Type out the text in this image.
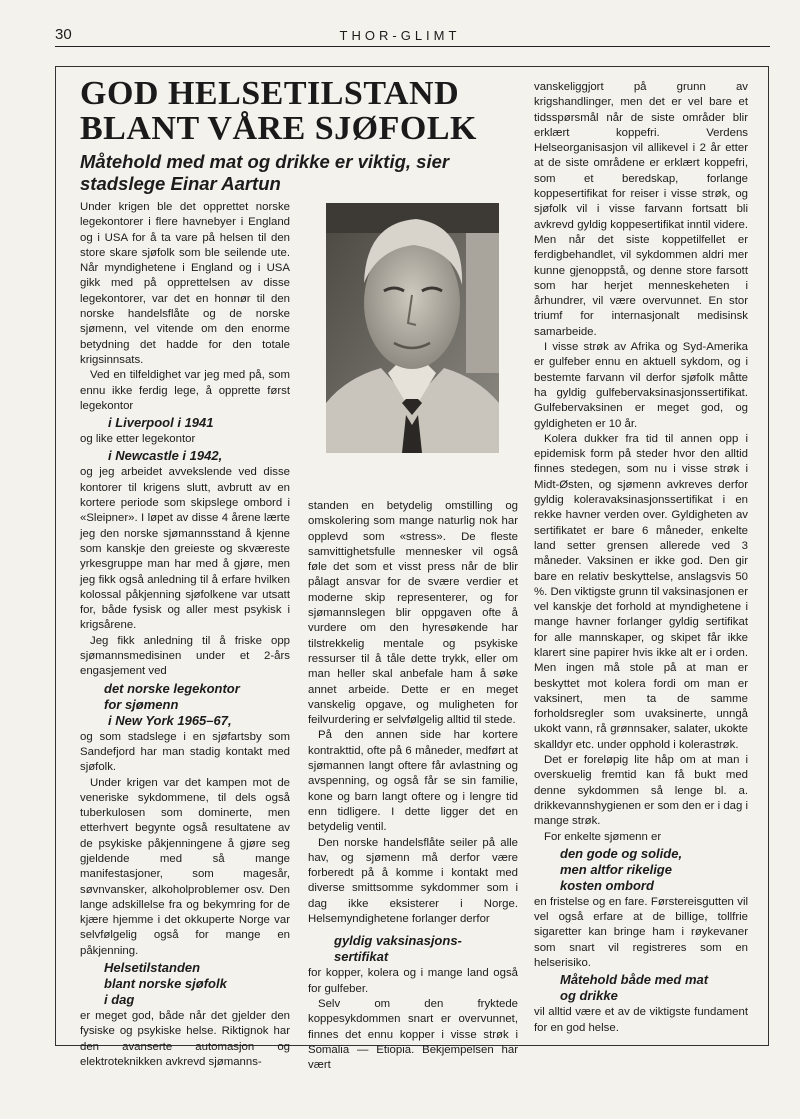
30	THOR-GLIMT
GOD HELSETILSTAND BLANT VÅRE SJØFOLK
Måtehold med mat og drikke er viktig, sier stadslege Einar Aartun

Under krigen ble det opprettet norske legekontorer i flere havnebyer i England og i USA for å ta vare på helsen til den store skare sjøfolk som ble seilende ute. Når myndighetene i England og i USA gikk med på opprettelsen av disse legekontorer, var det en honnør til den norske handelsflåte og de norske sjømenn, vel vitende om den enorme betydning det hadde for den totale krigsinnsats.

Ved en tilfeldighet var jeg med på, som ennu ikke ferdig lege, å opprette først legekontor

i Liverpool i 1941

og like etter legekontor

i Newcastle i 1942,

og jeg arbeidet avvekslende ved disse kontorer til krigens slutt, avbrutt av en kortere periode som skipslege ombord i «Sleipner». I løpet av disse 4 årene lærte jeg den norske sjømannsstand å kjenne som kanskje den greieste og skværeste yrkesgruppe man har med å gjøre, men jeg fikk også anledning til å erfare hvilken kolossal påkjenning sjøfolkene var utsatt for, både fysisk og aller mest psykisk i krigsårene.

Jeg fikk anledning til å friske opp sjømannsmedisinen under et 2-års engasjement ved

det norske legekontor
for sjømenn
i New York 1965–67,

og som stadslege i en sjøfartsby som Sandefjord har man stadig kontakt med sjøfolk.

Under krigen var det kampen mot de veneriske sykdommene, til dels også tuberkulosen som dominerte, men etterhvert begynte også resultatene av de psykiske påkjenningene å gjøre seg gjeldende med så mange manifestasjoner, som magesår, søvnvansker, alkoholproblemer osv. Den lange adskillelse fra og bekymring for de kjære hjemme i det okkuperte Norge var selvfølgelig også for mange en påkjenning.

Helsetilstanden
blant norske sjøfolk
i dag

er meget god, både når det gjelder den fysiske og psykiske helse. Riktignok har den avanserte automasjon og elektroteknikken avkrevd sjømanns-

standen en betydelig omstilling og omskolering som mange naturlig nok har opplevd som «stress». De fleste samvittighetsfulle mennesker vil også føle det som et visst press når de blir pålagt ansvar for de svære verdier et moderne skip representerer, og for sjømannslegen blir oppgaven ofte å vurdere om den hyresøkende har tilstrekkelig mentale og psykiske ressurser til å tåle dette trykk, eller om man heller skal anbefale ham å søke annet arbeide. Dette er en meget vanskelig opgave, og muligheten for feilvurdering er selvfølgelig alltid til stede.

På den annen side har kortere kontrakttid, ofte på 6 måneder, medført at sjømannen langt oftere får avlastning og avspenning, og også får se sin familie, kone og barn langt oftere og i lengre tid enn tidligere. I dette ligger det en betydelig ventil.

Den norske handelsflåte seiler på alle hav, og sjømenn må derfor være forberedt på å komme i kontakt med diverse smittsomme sykdommer som i dag ikke eksisterer i Norge. Helsemyndighetene forlanger derfor

gyldig vaksinasjons-
sertifikat

for kopper, kolera og i mange land også for gulfeber.

Selv om den fryktede koppesykdommen snart er overvunnet, finnes det ennu kopper i visse strøk i Somalia — Etiopia. Bekjempelsen har vært

vanskeliggjort på grunn av krigshandlinger, men det er vel bare et tidsspørsmål når de siste områder blir erklært koppefri. Verdens Helseorganisasjon vil allikevel i 2 år etter at de siste områdene er erklært koppefri, som et beredskap, forlange koppesertifikat for reiser i visse strøk, og sjøfolk vil i visse farvann fortsatt bli avkrevd gyldig koppesertifikat inntil videre. Men når det siste koppetilfellet er ferdigbehandlet, vil sykdommen aldri mer kunne gjenoppstå, og denne store farsott som har herjet menneskeheten i århundrer, vil være overvunnet. En stor triumf for internasjonalt medisinsk samarbeide.

I visse strøk av Afrika og Syd-Amerika er gulfeber ennu en aktuell sykdom, og i bestemte farvann vil derfor sjøfolk måtte ha gyldig gulfebervaksinasjonssertifikat. Gulfebervaksinen er meget god, og gyldigheten er 10 år.

Kolera dukker fra tid til annen opp i epidemisk form på steder hvor den alltid finnes stedegen, som nu i visse strøk i Midt-Østen, og sjømenn avkreves derfor gyldig koleravaksinasjonssertifikat i en rekke havner verden over. Gyldigheten av sertifikatet er bare 6 måneder, enkelte land setter grensen allerede ved 3 måneder. Vaksinen er ikke god. Den gir bare en relativ beskyttelse, anslagsvis 50 %. Den viktigste grunn til vaksinasjonen er vel kanskje det forhold at myndighetene i mange havner forlanger gyldig sertifikat for alle mannskaper, og skipet får ikke klarert sine papirer hvis ikke alt er i orden. Men ingen må stole på at man er beskyttet mot kolera fordi om man er vaksinert, men ta de samme forholdsregler som uvaksinerte, unngå ukokt vann, rå grønnsaker, salater, ukokte skalldyr etc. under opphold i kolerastrøk.

Det er foreløpig lite håp om at man i overskuelig fremtid kan få bukt med denne sykdommen så lenge bl. a. drikkevannshygienen er som den er i dag i mange strøk.

For enkelte sjømenn er

den gode og solide,
men altfor rikelige
kosten ombord

en fristelse og en fare. Førstereisgutten vil vel også erfare at de billige, tollfrie sigaretter kan bringe ham i røykevaner som snart vil registreres som en helserisiko.

Måtehold både med mat
og drikke

vil alltid være et av de viktigste fundament for en god helse.
